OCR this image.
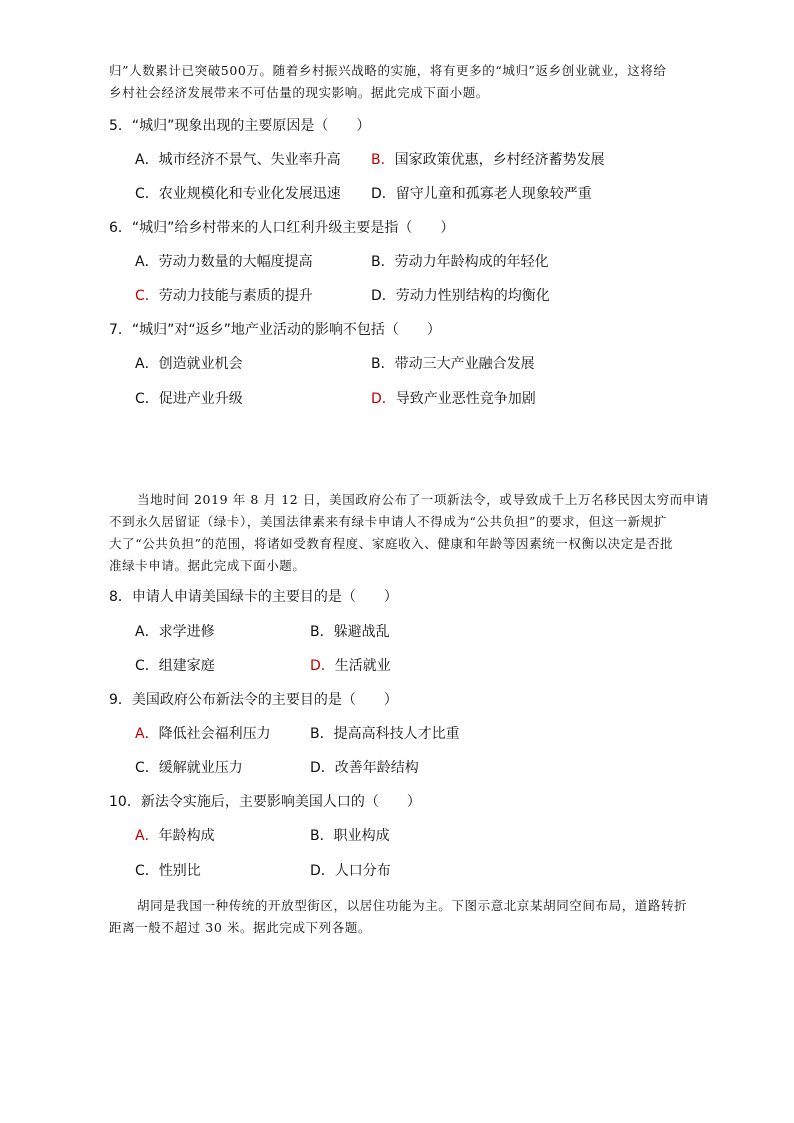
归”人数累计已突破500万。随着乡村振兴战略的实施，将有更多的“城归”返乡创业就业，这将给
乡村社会经济发展带来不可估量的现实影响。据此完成下面小题。
5．“城归”现象出现的主要原因是（　　）
A．城市经济不景气、失业率升高 B．国家政策优惠，乡村经济蓄势发展
C．农业规模化和专业化发展迅速 D．留守儿童和孤寡老人现象较严重
6．“城归”给乡村带来的人口红利升级主要是指（　　）
A．劳动力数量的大幅度提高	B．劳动力年龄构成的年轻化
C．劳动力技能与素质的提升	D．劳动力性别结构的均衡化
7．“城归”对“返乡”地产业活动的影响不包括（　　）
A．创造就业机会	B．带动三大产业融合发展
C．促进产业升级	D．导致产业恶性竞争加剧
当地时间 2019 年 8 月 12 日，美国政府公布了一项新法令，或导致成千上万名移民因太穷而申请
不到永久居留证（绿卡），美国法律素来有绿卡申请人不得成为“公共负担”的要求，但这一新规扩
大了“公共负担”的范围，将诸如受教育程度、家庭收入、健康和年龄等因素统一权衡以决定是否批
准绿卡申请。据此完成下面小题。
8．申请人申请美国绿卡的主要目的是（　　）
A．求学进修	B．躲避战乱
C．组建家庭	D．生活就业
9．美国政府公布新法令的主要目的是（　　）
A．降低社会福利压力	B．提高高科技人才比重
C．缓解就业压力	D．改善年龄结构
10．新法令实施后，主要影响美国人口的（　　）
A．年龄构成	B．职业构成
C．性别比	D．人口分布
胡同是我国一种传统的开放型街区，以居住功能为主。下图示意北京某胡同空间布局，道路转折
距离一般不超过 30 米。据此完成下列各题。
